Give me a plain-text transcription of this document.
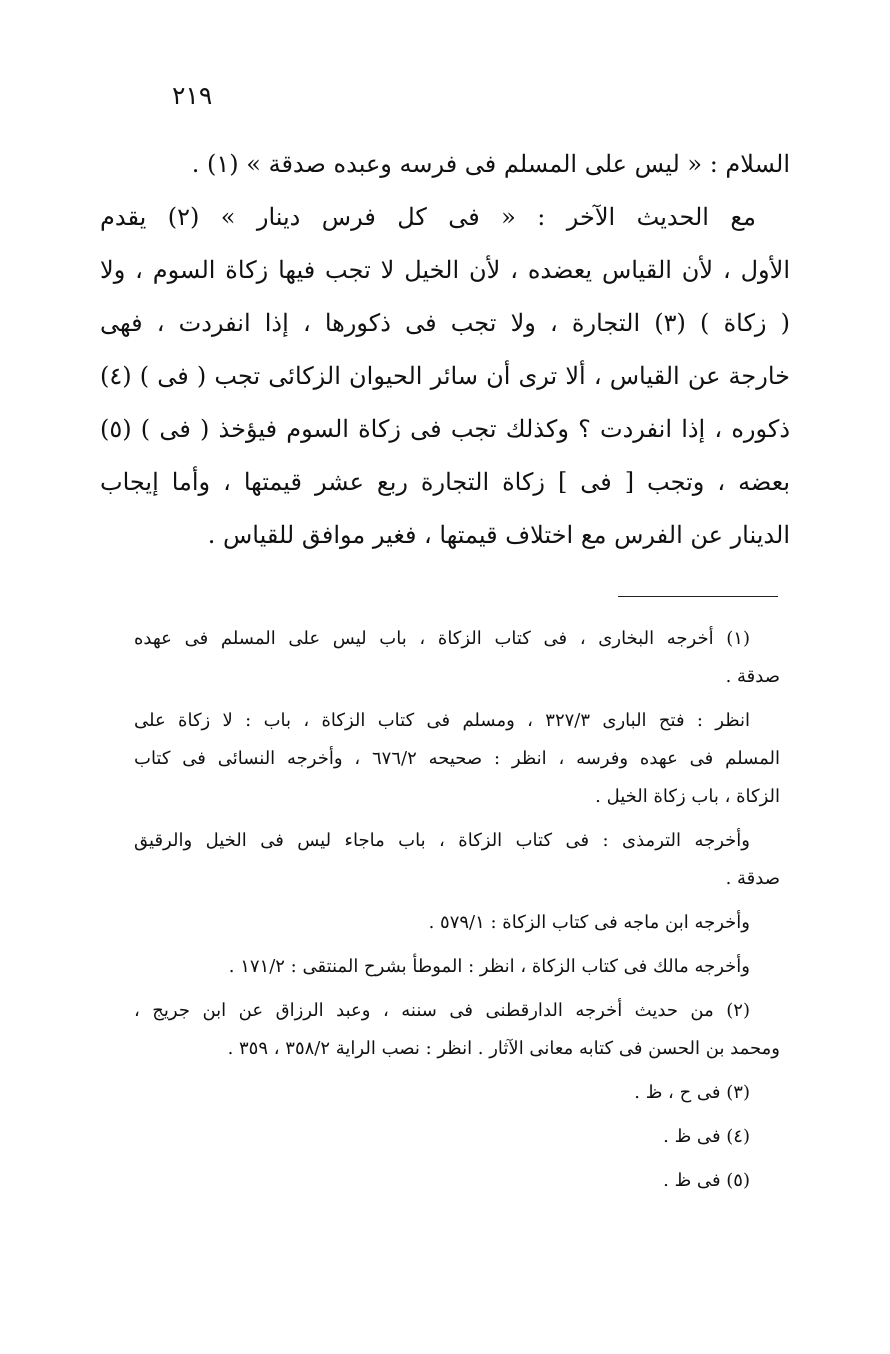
٢١٩
السلام : « ليس على المسلم فى فرسه وعبده صدقة » (١) .
مع الحديث الآخر : « فى كل فرس دينار » (٢) يقدم
الأول ، لأن القياس يعضده ، لأن الخيل لا تجب فيها زكاة السوم ، ولا
( زكاة ) (٣) التجارة ، ولا تجب فى ذكورها ، إذا انفردت ، فهى
خارجة عن القياس ، ألا ترى أن سائر الحيوان الزكائى تجب ( فى ) (٤)
ذكوره ، إذا انفردت ؟ وكذلك تجب فى زكاة السوم فيؤخذ ( فى ) (٥)
بعضه ، وتجب [ فى ] زكاة التجارة ربع عشر قيمتها ، وأما إيجاب
الدينار عن الفرس مع اختلاف قيمتها ، فغير موافق للقياس .
(١) أخرجه البخارى ، فى كتاب الزكاة ، باب ليس على المسلم فى عهده
صدقة .
انظر : فتح البارى ٣٢٧/٣ ، ومسلم فى كتاب الزكاة ، باب : لا زكاة على
المسلم فى عهده وفرسه ، انظر : صحيحه ٦٧٦/٢ ، وأخرجه النسائى فى كتاب
الزكاة ، باب زكاة الخيل .
وأخرجه الترمذى : فى كتاب الزكاة ، باب ماجاء ليس فى الخيل والرقيق
صدقة .
وأخرجه ابن ماجه فى كتاب الزكاة : ٥٧٩/١ .
وأخرجه مالك فى كتاب الزكاة ، انظر : الموطأ بشرح المنتقى : ١٧١/٢ .
(٢) من حديث أخرجه الدارقطنى فى سننه ، وعبد الرزاق عن ابن جريج ،
ومحمد بن الحسن فى كتابه معانى الآثار . انظر : نصب الراية ٣٥٨/٢ ، ٣٥٩ .
(٣) فى ح ، ظ .
(٤) فى ظ .
(٥) فى ظ .
